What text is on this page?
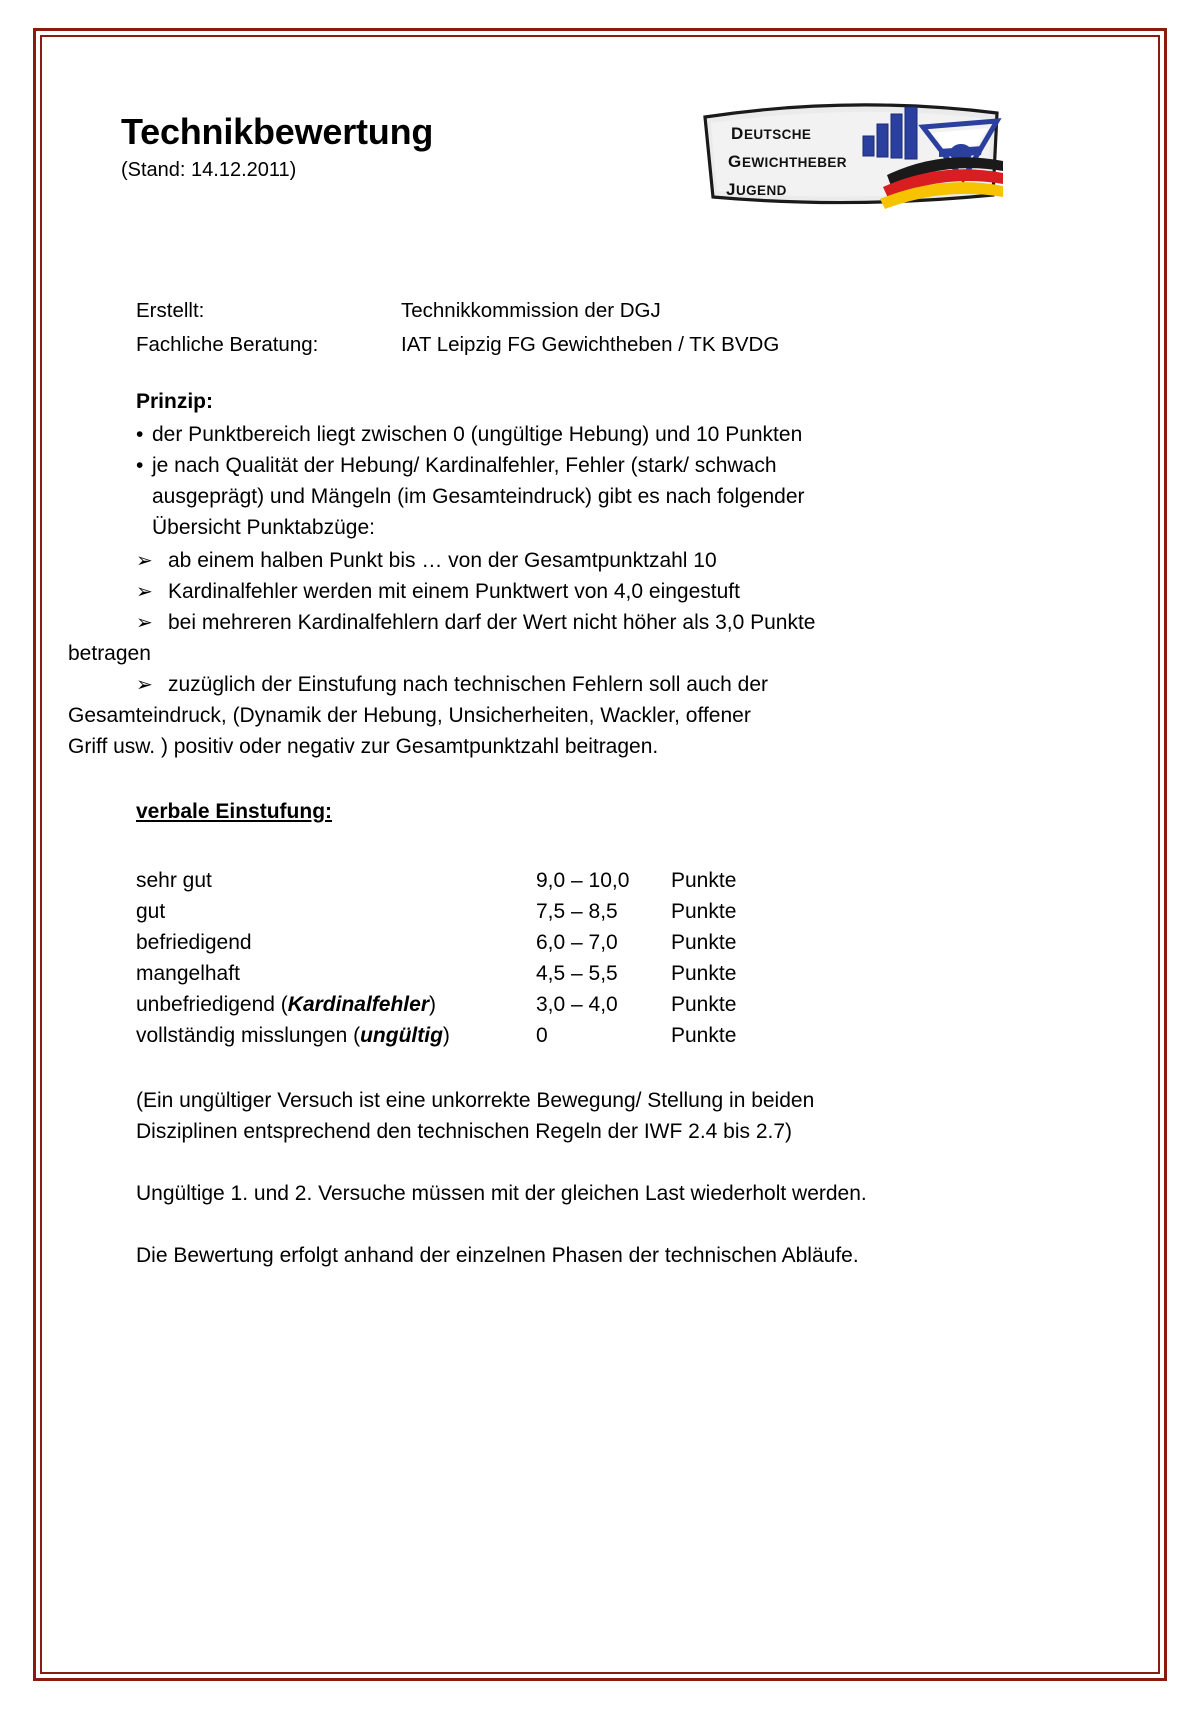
Technikbewertung
(Stand: 14.12.2011)
D EUTSCHE
G EWICHTHEBER
J UGEND
Erstellt:	Technikkommission der DGJ
Fachliche Beratung:	IAT Leipzig FG Gewichtheben / TK BVDG
Prinzip:
• der Punktbereich liegt zwischen 0 (ungültige Hebung) und 10 Punkten
• je nach Qualität der Hebung/ Kardinalfehler, Fehler (stark/ schwach
ausgeprägt) und Mängeln (im Gesamteindruck) gibt es nach folgender
Übersicht Punktabzüge:
➢ ab einem halben Punkt bis … von der Gesamtpunktzahl 10
➢ Kardinalfehler werden mit einem Punktwert von 4,0 eingestuft
➢ bei mehreren Kardinalfehlern darf der Wert nicht höher als 3,0 Punkte
betragen
➢ zuzüglich der Einstufung nach technischen Fehlern soll auch der
Gesamteindruck, (Dynamik der Hebung, Unsicherheiten, Wackler, offener
Griff usw. ) positiv oder negativ zur Gesamtpunktzahl beitragen.
verbale Einstufung:
sehr gut	9,0 – 10,0 Punkte
gut	7,5 – 8,5	Punkte
befriedigend	6,0 – 7,0	Punkte
mangelhaft	4,5 – 5,5	Punkte
unbefriedigend (Kardinalfehler)	3,0 – 4,0	Punkte
vollständig misslungen (ungültig)	0	Punkte
(Ein ungültiger Versuch ist eine unkorrekte Bewegung/ Stellung in beiden
Disziplinen entsprechend den technischen Regeln der IWF 2.4 bis 2.7)
Ungültige 1. und 2. Versuche müssen mit der gleichen Last wiederholt werden.
Die Bewertung erfolgt anhand der einzelnen Phasen der technischen Abläufe.
